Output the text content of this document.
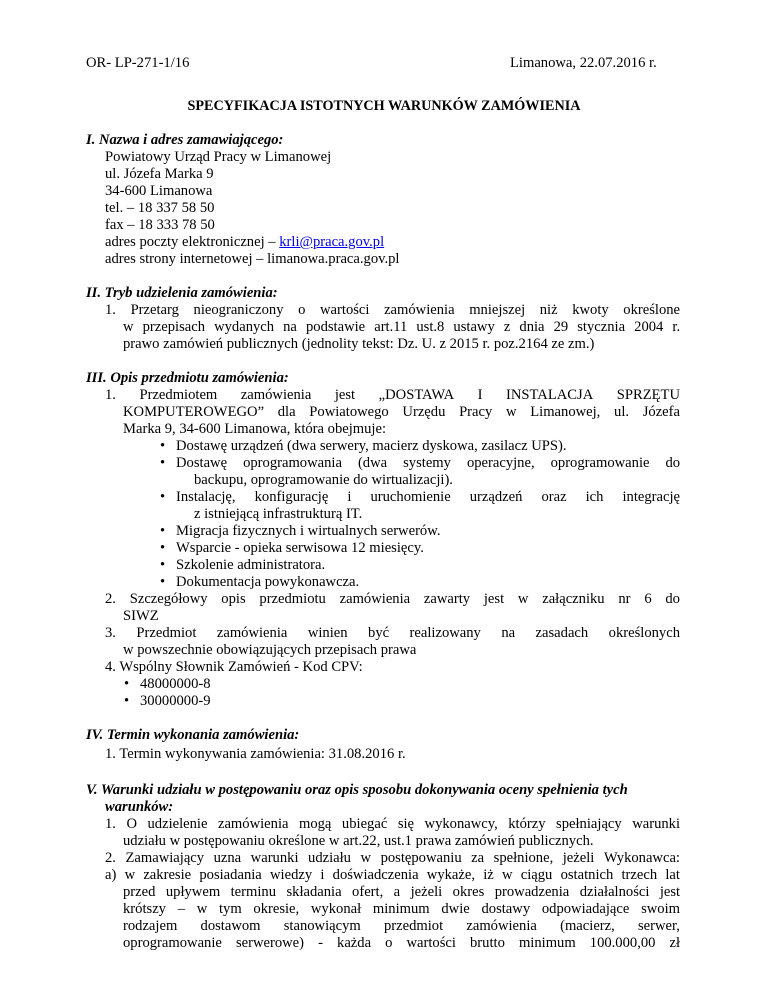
OR- LP-271-1/16	Limanowa, 22.07.2016 r.
SPECYFIKACJA ISTOTNYCH WARUNKÓW ZAMÓWIENIA
I. Nazwa i adres zamawiającego:
Powiatowy Urząd Pracy w Limanowej
ul. Józefa Marka 9
34-600 Limanowa
tel. – 18 337 58 50
fax – 18 333 78 50
adres poczty elektronicznej – krli@praca.gov.pl
adres strony internetowej – limanowa.praca.gov.pl
II. Tryb udzielenia zamówienia:
1. Przetarg nieograniczony o wartości zamówienia mniejszej niż kwoty określone
w przepisach wydanych na podstawie art.11 ust.8 ustawy z dnia 29 stycznia 2004 r.
prawo zamówień publicznych (jednolity tekst: Dz. U. z 2015 r. poz.2164 ze zm.)
III. Opis przedmiotu zamówienia:
1. Przedmiotem zamówienia jest „DOSTAWA I INSTALACJA SPRZĘTU
KOMPUTEROWEGO” dla Powiatowego Urzędu Pracy w Limanowej, ul. Józefa
Marka 9, 34-600 Limanowa, która obejmuje:
• Dostawę urządzeń (dwa serwery, macierz dyskowa, zasilacz UPS).
• Dostawę oprogramowania (dwa systemy operacyjne, oprogramowanie do
backupu, oprogramowanie do wirtualizacji).
• Instalację, konfigurację i uruchomienie urządzeń oraz ich integrację
z istniejącą infrastrukturą IT.
• Migracja fizycznych i wirtualnych serwerów.
• Wsparcie - opieka serwisowa 12 miesięcy.
• Szkolenie administratora.
• Dokumentacja powykonawcza.
2. Szczegółowy opis przedmiotu zamówienia zawarty jest w załączniku nr 6 do
SIWZ
3. Przedmiot zamówienia winien być realizowany na zasadach określonych
w powszechnie obowiązujących przepisach prawa
4. Wspólny Słownik Zamówień - Kod CPV:
• 48000000-8
• 30000000-9
IV. Termin wykonania zamówienia:
1. Termin wykonywania zamówienia: 31.08.2016 r.
V. Warunki udziału w postępowaniu oraz opis sposobu dokonywania oceny spełnienia tych
warunków:
1. O udzielenie zamówienia mogą ubiegać się wykonawcy, którzy spełniający warunki
udziału w postępowaniu określone w art.22, ust.1 prawa zamówień publicznych.
2. Zamawiający uzna warunki udziału w postępowaniu za spełnione, jeżeli Wykonawca:
a) w zakresie posiadania wiedzy i doświadczenia wykaże, iż w ciągu ostatnich trzech lat
przed upływem terminu składania ofert, a jeżeli okres prowadzenia działalności jest
krótszy – w tym okresie, wykonał minimum dwie dostawy odpowiadające swoim
rodzajem dostawom stanowiącym przedmiot zamówienia (macierz, serwer,
oprogramowanie serwerowe) - każda o wartości brutto minimum 100.000,00 zł
